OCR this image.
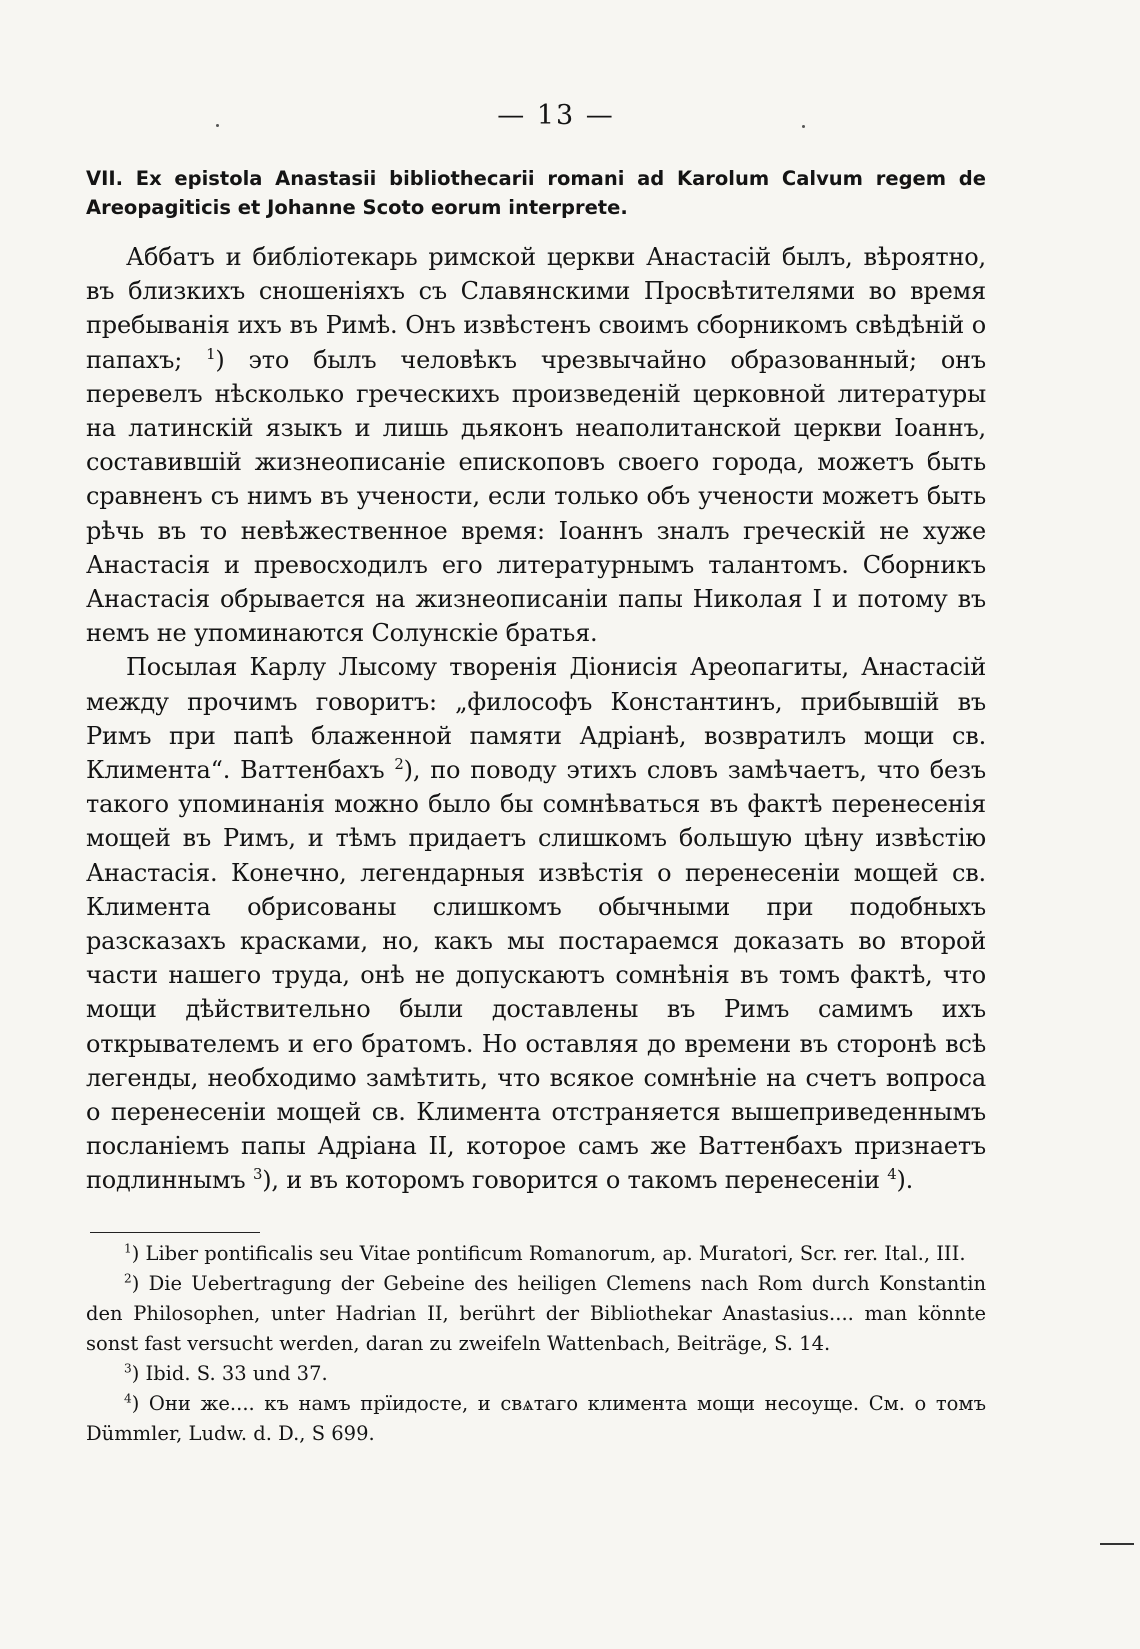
— 13 —
VII. Ex epistola Anastasii bibliothecarii romani ad Karolum Calvum regem de Areopagiticis et Johanne Scoto eorum interprete.

Аббатъ и библіотекарь римской церкви Анастасій былъ, вѣроятно, въ близкихъ сношеніяхъ съ Славянскими Просвѣтителями во время пребыванія ихъ въ Римѣ. Онъ извѣстенъ своимъ сборникомъ свѣдѣній о папахъ; $^1$) это былъ человѣкъ чрезвычайно образованный; онъ перевелъ нѣсколько греческихъ произведеній церковной литературы на латинскій языкъ и лишь дьяконъ неаполитанской церкви Іоаннъ, составившій жизнеописаніе епископовъ своего города, можетъ быть сравненъ съ нимъ въ учености, если только объ учености можетъ быть рѣчь въ то невѣжественное время: Іоаннъ зналъ греческій не хуже Анастасія и превосходилъ его литературнымъ талантомъ. Сборникъ Анастасія обрывается на жизнеописаніи папы Николая I и потому въ немъ не упоминаются Солунскіе братья.

Посылая Карлу Лысому творенія Діонисія Ареопагиты, Анастасій между прочимъ говоритъ: „философъ Константинъ, прибывшій въ Римъ при папѣ блаженной памяти Адріанѣ, возвратилъ мощи св. Климента“. Ваттенбахъ $^2$), по поводу этихъ словъ замѣчаетъ, что безъ такого упоминанія можно было бы сомнѣваться въ фактѣ перенесенія мощей въ Римъ, и тѣмъ придаетъ слишкомъ большую цѣну извѣстію Анастасія. Конечно, легендарныя извѣстія о перенесеніи мощей св. Климента обрисованы слишкомъ обычными при подобныхъ разсказахъ красками, но, какъ мы постараемся доказать во второй части нашего труда, онѣ не допускаютъ сомнѣнія въ томъ фактѣ, что мощи дѣйствительно были доставлены въ Римъ самимъ ихъ открывателемъ и его братомъ. Но оставляя до времени въ сторонѣ всѣ легенды, необходимо замѣтить, что всякое сомнѣніе на счетъ вопроса о перенесеніи мощей св. Климента отстраняется вышеприведеннымъ посланіемъ папы Адріана II, которое самъ же Ваттенбахъ признаетъ подлиннымъ $^3$), и въ которомъ говорится о такомъ перенесеніи $^4$).

$^1$) Liber pontificalis seu Vitae pontificum Romanorum, ap. Muratori, Scr. rer. Ital., III.

$^2$) Die Uebertragung der Gebeine des heiligen Clemens nach Rom durch Konstantin den Philosophen, unter Hadrian II, berührt der Bibliothekar Anastasius.... man könnte sonst fast versucht werden, daran zu zweifeln Wattenbach, Beiträge, S. 14.

$^3$) Ibid. S. 33 und 37.

$^4$) Они же.... къ намъ прїидосте, и свѧтаго климента мощи несоуще. См. о томъ Dümmler, Ludw. d. D., S 699.
